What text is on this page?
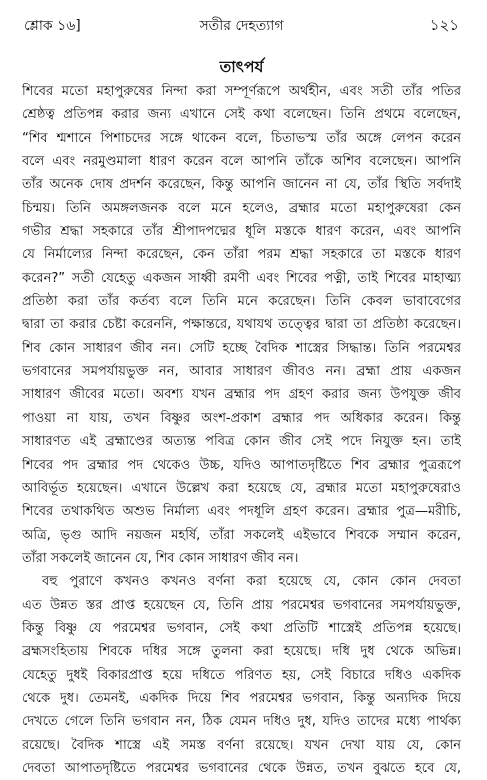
শ্লোক ১৬]	সতীর দেহত্যাগ	১২১
তাৎপর্য
শিবের মতো মহাপুরুষের নিন্দা করা সম্পূর্ণরূপে অর্থহীন, এবং সতী তাঁর পতির
শ্রেষ্ঠত্ব প্রতিপন্ন করার জন্য এখানে সেই কথা বলেছেন। তিনি প্রথমে বলেছেন,
“শিব শ্মশানে পিশাচদের সঙ্গে থাকেন বলে, চিতাভস্ম তাঁর অঙ্গে লেপন করেন
বলে এবং নরমুণ্ডমালা ধারণ করেন বলে আপনি তাঁকে অশিব বলেছেন। আপনি
তাঁর অনেক দোষ প্রদর্শন করেছেন, কিন্তু আপনি জানেন না যে, তাঁর স্থিতি সর্বদাই
চিন্ময়। তিনি অমঙ্গলজনক বলে মনে হলেও, ব্রহ্মার মতো মহাপুরুষেরা কেন
গভীর শ্রদ্ধা সহকারে তাঁর শ্রীপাদপদ্মের ধূলি মস্তকে ধারণ করেন, এবং আপনি
যে নির্মাল্যের নিন্দা করেছেন, কেন তাঁরা পরম শ্রদ্ধা সহকারে তা মস্তকে ধারণ
করেন?” সতী যেহেতু একজন সাধ্বী রমণী এবং শিবের পত্নী, তাই শিবের মাহাত্ম্য
প্রতিষ্ঠা করা তাঁর কর্তব্য বলে তিনি মনে করেছেন। তিনি কেবল ভাবাবেগের
দ্বারা তা করার চেষ্টা করেননি, পক্ষান্তরে, যথাযথ তত্ত্বের দ্বারা তা প্রতিষ্ঠা করেছেন।
শিব কোন সাধারণ জীব নন। সেটি হচ্ছে বৈদিক শাস্ত্রের সিদ্ধান্ত। তিনি পরমেশ্বর
ভগবানের সমপর্যায়ভুক্ত নন, আবার সাধারণ জীবও নন। ব্রহ্মা প্রায় একজন
সাধারণ জীবের মতো। অবশ্য যখন ব্রহ্মার পদ গ্রহণ করার জন্য উপযুক্ত জীব
পাওয়া না যায়, তখন বিষ্ণুর অংশ-প্রকাশ ব্রহ্মার পদ অধিকার করেন। কিন্তু
সাধারণত এই ব্রহ্মাণ্ডের অত্যন্ত পবিত্র কোন জীব সেই পদে নিযুক্ত হন। তাই
শিবের পদ ব্রহ্মার পদ থেকেও উচ্চ, যদিও আপাতদৃষ্টিতে শিব ব্রহ্মার পুত্ররূপে
আবির্ভূত হয়েছেন। এখানে উল্লেখ করা হয়েছে যে, ব্রহ্মার মতো মহাপুরুষেরাও
শিবের তথাকথিত অশুভ নির্মাল্য এবং পদধূলি গ্রহণ করেন। ব্রহ্মার পুত্র—মরীচি,
অত্রি, ভৃগু আদি নয়জন মহর্ষি, তাঁরা সকলেই এইভাবে শিবকে সম্মান করেন,
তাঁরা সকলেই জানেন যে, শিব কোন সাধারণ জীব নন।
বহু পুরাণে কখনও কখনও বর্ণনা করা হয়েছে যে, কোন কোন দেবতা
এত উন্নত স্তর প্রাপ্ত হয়েছেন যে, তিনি প্রায় পরমেশ্বর ভগবানের সমপর্যায়ভুক্ত,
কিন্তু বিষ্ণু যে পরমেশ্বর ভগবান, সেই কথা প্রতিটি শাস্ত্রেই প্রতিপন্ন হয়েছে।
ব্রহ্মসংহিতায় শিবকে দধির সঙ্গে তুলনা করা হয়েছে। দধি দুধ থেকে অভিন্ন।
যেহেতু দুধই বিকারপ্রাপ্ত হয়ে দধিতে পরিণত হয়, সেই বিচারে দধিও একদিক
থেকে দুধ। তেমনই, একদিক দিয়ে শিব পরমেশ্বর ভগবান, কিন্তু অন্যদিক দিয়ে
দেখতে গেলে তিনি ভগবান নন, ঠিক যেমন দধিও দুধ, যদিও তাদের মধ্যে পার্থক্য
রয়েছে। বৈদিক শাস্ত্রে এই সমস্ত বর্ণনা রয়েছে। যখন দেখা যায় যে, কোন
দেবতা আপাতদৃষ্টিতে পরমেশ্বর ভগবানের থেকে উন্নত, তখন বুঝতে হবে যে,
